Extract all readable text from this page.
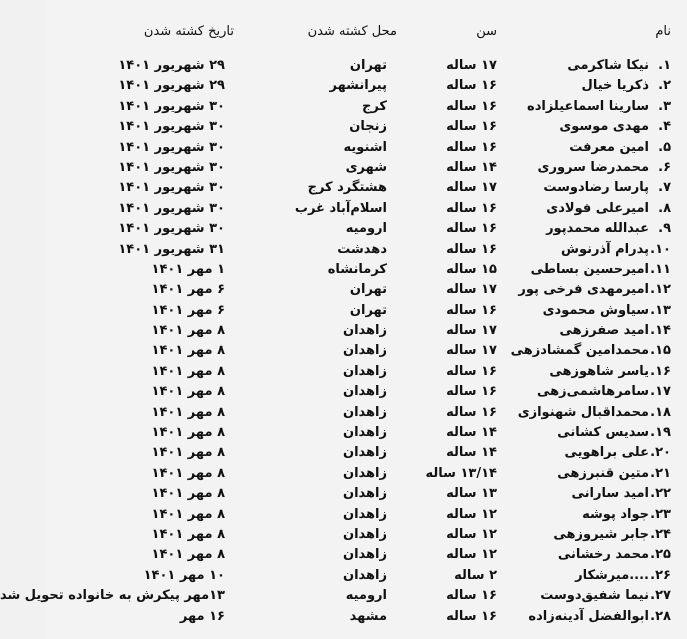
نام
سن
محل کشته شدن
تاریخ کشته شدن
۱.
نیکا شاکرمی
۱۷ ساله
تهران
۲۹ شهریور ۱۴۰۱
۲.
ذکریا خیال
۱۶ ساله
پیرانشهر
۲۹ شهریور ۱۴۰۱
۳.
سارینا اسماعیلزاده
۱۶ ساله
کرج
۳۰ شهریور ۱۴۰۱
۴.
مهدی موسوی
۱۶ ساله
زنجان
۳۰ شهریور ۱۴۰۱
۵.
امین معرفت
۱۶ ساله
اشنویه
۳۰ شهریور ۱۴۰۱
۶.
محمدرضا سروری
۱۴ ساله
شهری
۳۰ شهریور ۱۴۰۱
۷.
پارسا رضادوست
۱۷ ساله
هشتگرد کرج
۳۰ شهریور ۱۴۰۱
۸.
امیرعلی فولادی
۱۶ ساله
اسلام‌آباد غرب
۳۰ شهریور ۱۴۰۱
۹.
عبدالله محمدپور
۱۶ ساله
ارومیه
۳۰ شهریور ۱۴۰۱
۱۰.
پدرام آذرنوش
۱۶ ساله
دهدشت
۳۱ شهریور ۱۴۰۱
۱۱.
امیرحسین بساطی
۱۵ ساله
کرمانشاه
۱ مهر ۱۴۰۱
۱۲.
امیرمهدی فرخی پور
۱۷ ساله
تهران
۶ مهر ۱۴۰۱
۱۳.
سیاوش محمودی
۱۶ ساله
تهران
۶ مهر ۱۴۰۱
۱۴.
امید صفرزهی
۱۷ ساله
زاهدان
۸ مهر ۱۴۰۱
۱۵.
محمدامین گمشادزهی
۱۷ ساله
زاهدان
۸ مهر ۱۴۰۱
۱۶.
یاسر شاهوزهی
۱۶ ساله
زاهدان
۸ مهر ۱۴۰۱
۱۷.
سامرهاشمی‌زهی
۱۶ ساله
زاهدان
۸ مهر ۱۴۰۱
۱۸.
محمداقبال شهنوازی
۱۶ ساله
زاهدان
۸ مهر ۱۴۰۱
۱۹.
سدیس کشانی
۱۴ ساله
زاهدان
۸ مهر ۱۴۰۱
۲۰.
علی براهویی
۱۴ ساله
زاهدان
۸ مهر ۱۴۰۱
۲۱.
متین قنبرزهی
۱۳/۱۴ ساله
زاهدان
۸ مهر ۱۴۰۱
۲۲.
امید سارانی
۱۳ ساله
زاهدان
۸ مهر ۱۴۰۱
۲۳.
جواد پوشه
۱۲ ساله
زاهدان
۸ مهر ۱۴۰۱
۲۴.
جابر شیروزهی
۱۲ ساله
زاهدان
۸ مهر ۱۴۰۱
۲۵.
محمد رخشانی
۱۲ ساله
زاهدان
۸ مهر ۱۴۰۱
۲۶.
....میرشکار
۲ ساله
زاهدان
۱۰ مهر ۱۴۰۱
۲۷.
نیما شفیق‌دوست
۱۶ ساله
ارومیه
۱۳مهر پیکرش به خانواده تحویل شد
۲۸.
ابوالفضل آدینه‌زاده
۱۶ ساله
مشهد
۱۶ مهر
